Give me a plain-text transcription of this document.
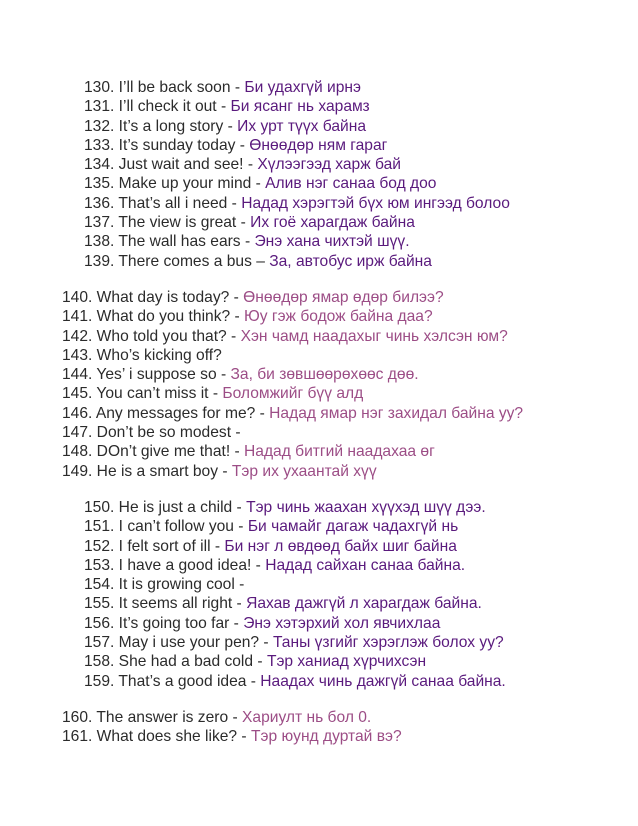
130. I’ll be back soon - Би удахгүй ирнэ
131. I’ll check it out - Би ясанг нь харамз
132. It’s a long story - Их урт түүх байна
133. It’s sunday today - Өнөөдөр ням гараг
134. Just wait and see! - Хүлээгээд харж бай
135. Make up your mind - Алив нэг санаа бод доо
136. That’s all i need - Надад хэрэгтэй бүх юм ингээд болоо
137. The view is great - Их гоё харагдаж байна
138. The wall has ears - Энэ хана чихтэй шүү.
139. There comes a bus – За, автобус ирж байна
140. What day is today? - Өнөөдөр ямар өдөр билээ?
141. What do you think? - Юу гэж бодож байна даа?
142. Who told you that? - Хэн чамд наадахыг чинь хэлсэн юм?
143. Who’s kicking off?
144. Yes’ i suppose so - За, би зөвшөөрөхөөс дөө.
145. You can’t miss it - Боломжийг бүү алд
146. Any messages for me? - Надад ямар нэг захидал байна уу?
147. Don’t be so modest -
148. DOn’t give me that! - Надад битгий наадахаа өг
149. He is a smart boy - Тэр их ухаантай хүү
150. He is just a child - Тэр чинь жаахан хүүхэд шүү дээ.
151. I can’t follow you - Би чамайг дагаж чадахгүй нь
152. I felt sort of ill - Би нэг л өвдөөд байх шиг байна
153. I have a good idea! - Надад сайхан санаа байна.
154. It is growing cool -
155. It seems all right - Яахав дажгүй л харагдаж байна.
156. It’s going too far - Энэ хэтэрхий хол явчихлаа
157. May i use your pen? - Таны үзгийг хэрэглэж болох уу?
158. She had a bad cold - Тэр ханиад хүрчихсэн
159. That’s a good idea - Наадах чинь дажгүй санаа байна.
160. The answer is zero - Хариулт нь бол 0.
161. What does she like? - Тэр юунд дуртай вэ?
